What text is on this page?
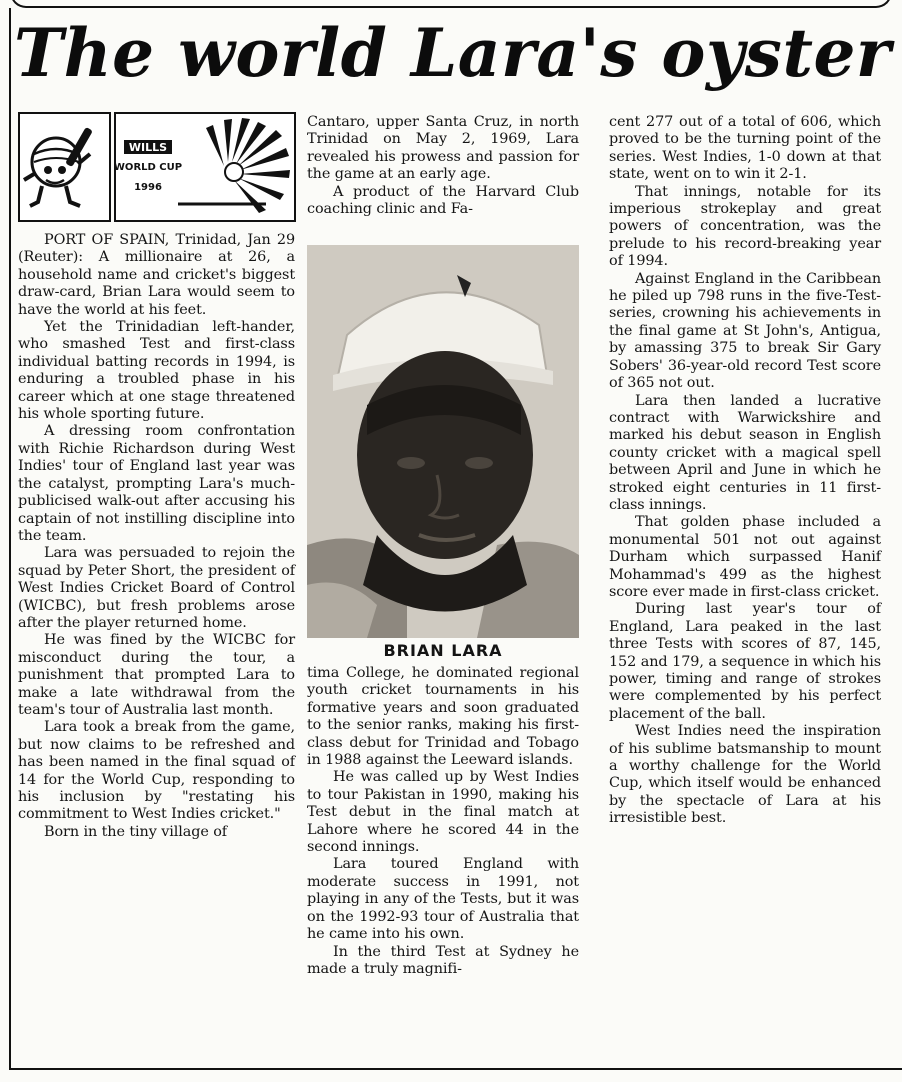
The world Lara's oyster
WILLS
WORLD CUP
1996

PORT OF SPAIN, Trinidad, Jan 29 (Reuter): A millionaire at 26, a household name and cricket's biggest draw-card, Brian Lara would seem to have the world at his feet.

Yet the Trinidadian left-hander, who smashed Test and first-class individual batting records in 1994, is enduring a troubled phase in his career which at one stage threatened his whole sporting future.

A dressing room confrontation with Richie Richardson during West Indies' tour of England last year was the catalyst, prompting Lara's much-publicised walk-out after accusing his captain of not instilling discipline into the team.

Lara was persuaded to rejoin the squad by Peter Short, the president of West Indies Cricket Board of Control (WICBC), but fresh problems arose after the player returned home.

He was fined by the WICBC for misconduct during the tour, a punishment that prompted Lara to make a late withdrawal from the team's tour of Australia last month.

Lara took a break from the game, but now claims to be refreshed and has been named in the final squad of 14 for the World Cup, responding to his inclusion by "restating his commitment to West Indies cricket."

Born in the tiny village of

Cantaro, upper Santa Cruz, in north Trinidad on May 2, 1969, Lara revealed his prowess and passion for the game at an early age.

A product of the Harvard Club coaching clinic and Fa-

BRIAN LARA

tima College, he dominated regional youth cricket tournaments in his formative years and soon graduated to the senior ranks, making his first-class debut for Trinidad and Tobago in 1988 against the Leeward islands.

He was called up by West Indies to tour Pakistan in 1990, making his Test debut in the final match at Lahore where he scored 44 in the second innings.

Lara toured England with moderate success in 1991, not playing in any of the Tests, but it was on the 1992-93 tour of Australia that he came into his own.

In the third Test at Sydney he made a truly magnifi-

cent 277 out of a total of 606, which proved to be the turning point of the series. West Indies, 1-0 down at that state, went on to win it 2-1.

That innings, notable for its imperious strokeplay and great powers of concentration, was the prelude to his record-breaking year of 1994.

Against England in the Caribbean he piled up 798 runs in the five-Test-series, crowning his achievements in the final game at St John's, Antigua, by amassing 375 to break Sir Gary Sobers' 36-year-old record Test score of 365 not out.

Lara then landed a lucrative contract with Warwickshire and marked his debut season in English county cricket with a magical spell between April and June in which he stroked eight centuries in 11 first-class innings.

That golden phase included a monumental 501 not out against Durham which surpassed Hanif Mohammad's 499 as the highest score ever made in first-class cricket.

During last year's tour of England, Lara peaked in the last three Tests with scores of 87, 145, 152 and 179, a sequence in which his power, timing and range of strokes were complemented by his perfect placement of the ball.

West Indies need the inspiration of his sublime batsmanship to mount a worthy challenge for the World Cup, which itself would be enhanced by the spectacle of Lara at his irresistible best.
